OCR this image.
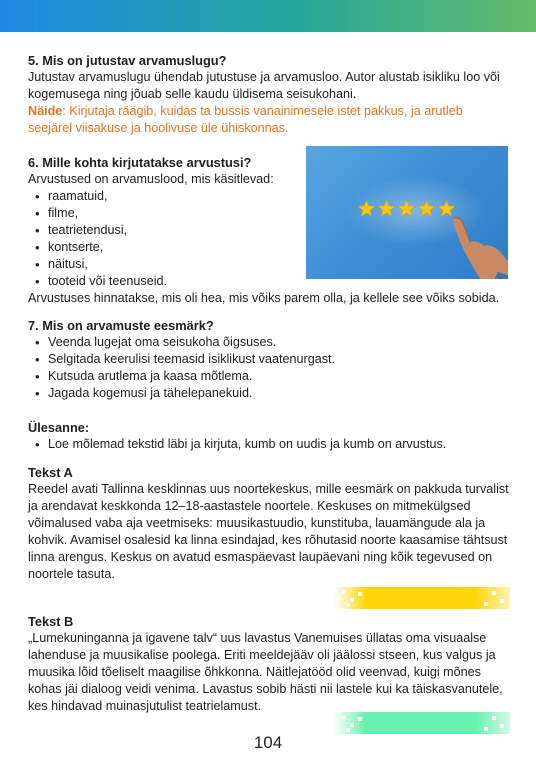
5. Mis on jutustav arvamuslugu?

Jutustav arvamuslugu ühendab jutustuse ja arvamusloo. Autor alustab isikliku loo või kogemusega ning jõuab selle kaudu üldisema seisukohani.

Näide: Kirjutaja räägib, kuidas ta bussis vanainimesele istet pakkus, ja arutleb seejärel viisakuse ja hoolivuse üle ühiskonnas.

6. Mille kohta kirjutatakse arvustusi?

Arvustused on arvamuslood, mis käsitlevad:

• raamatuid,
• filme,
• teatrietendusi,
• kontserte,
• näitusi,
• tooteid või teenuseid.

Arvustuses hinnatakse, mis oli hea, mis võiks parem olla, ja kellele see võiks sobida.

7. Mis on arvamuste eesmärk?

• Veenda lugejat oma seisukoha õigsuses.
• Selgitada keerulisi teemasid isiklikust vaatenurgast.
• Kutsuda arutlema ja kaasa mõtlema.
• Jagada kogemusi ja tähelepanekuid.

Ülesanne:

• Loe mõlemad tekstid läbi ja kirjuta, kumb on uudis ja kumb on arvustus.

Tekst A

Reedel avati Tallinna kesklinnas uus noortekeskus, mille eesmärk on pakkuda turvalist ja arendavat keskkonda 12–18-aastastele noortele. Keskuses on mitmekülgsed võimalused vaba aja veetmiseks: muusikastuudio, kunstituba, lauamängude ala ja kohvik. Avamisel osalesid ka linna esindajad, kes rõhutasid noorte kaasamise tähtsust linna arengus. Keskus on avatud esmaspäevast laupäevani ning kõik tegevused on noortele tasuta.

Tekst B

„Lumekuninganna ja igavene talv“ uus lavastus Vanemuises üllatas oma visuaalse lahenduse ja muusikalise poolega. Eriti meeldejääv oli jäälossi stseen, kus valgus ja muusika lõid tõeliselt maagilise õhkkonna. Näitlejatööd olid veenvad, kuigi mõnes kohas jäi dialoog veidi venima. Lavastus sobib hästi nii lastele kui ka täiskasvanutele, kes hindavad muinasjutulist teatrielamust.

104
